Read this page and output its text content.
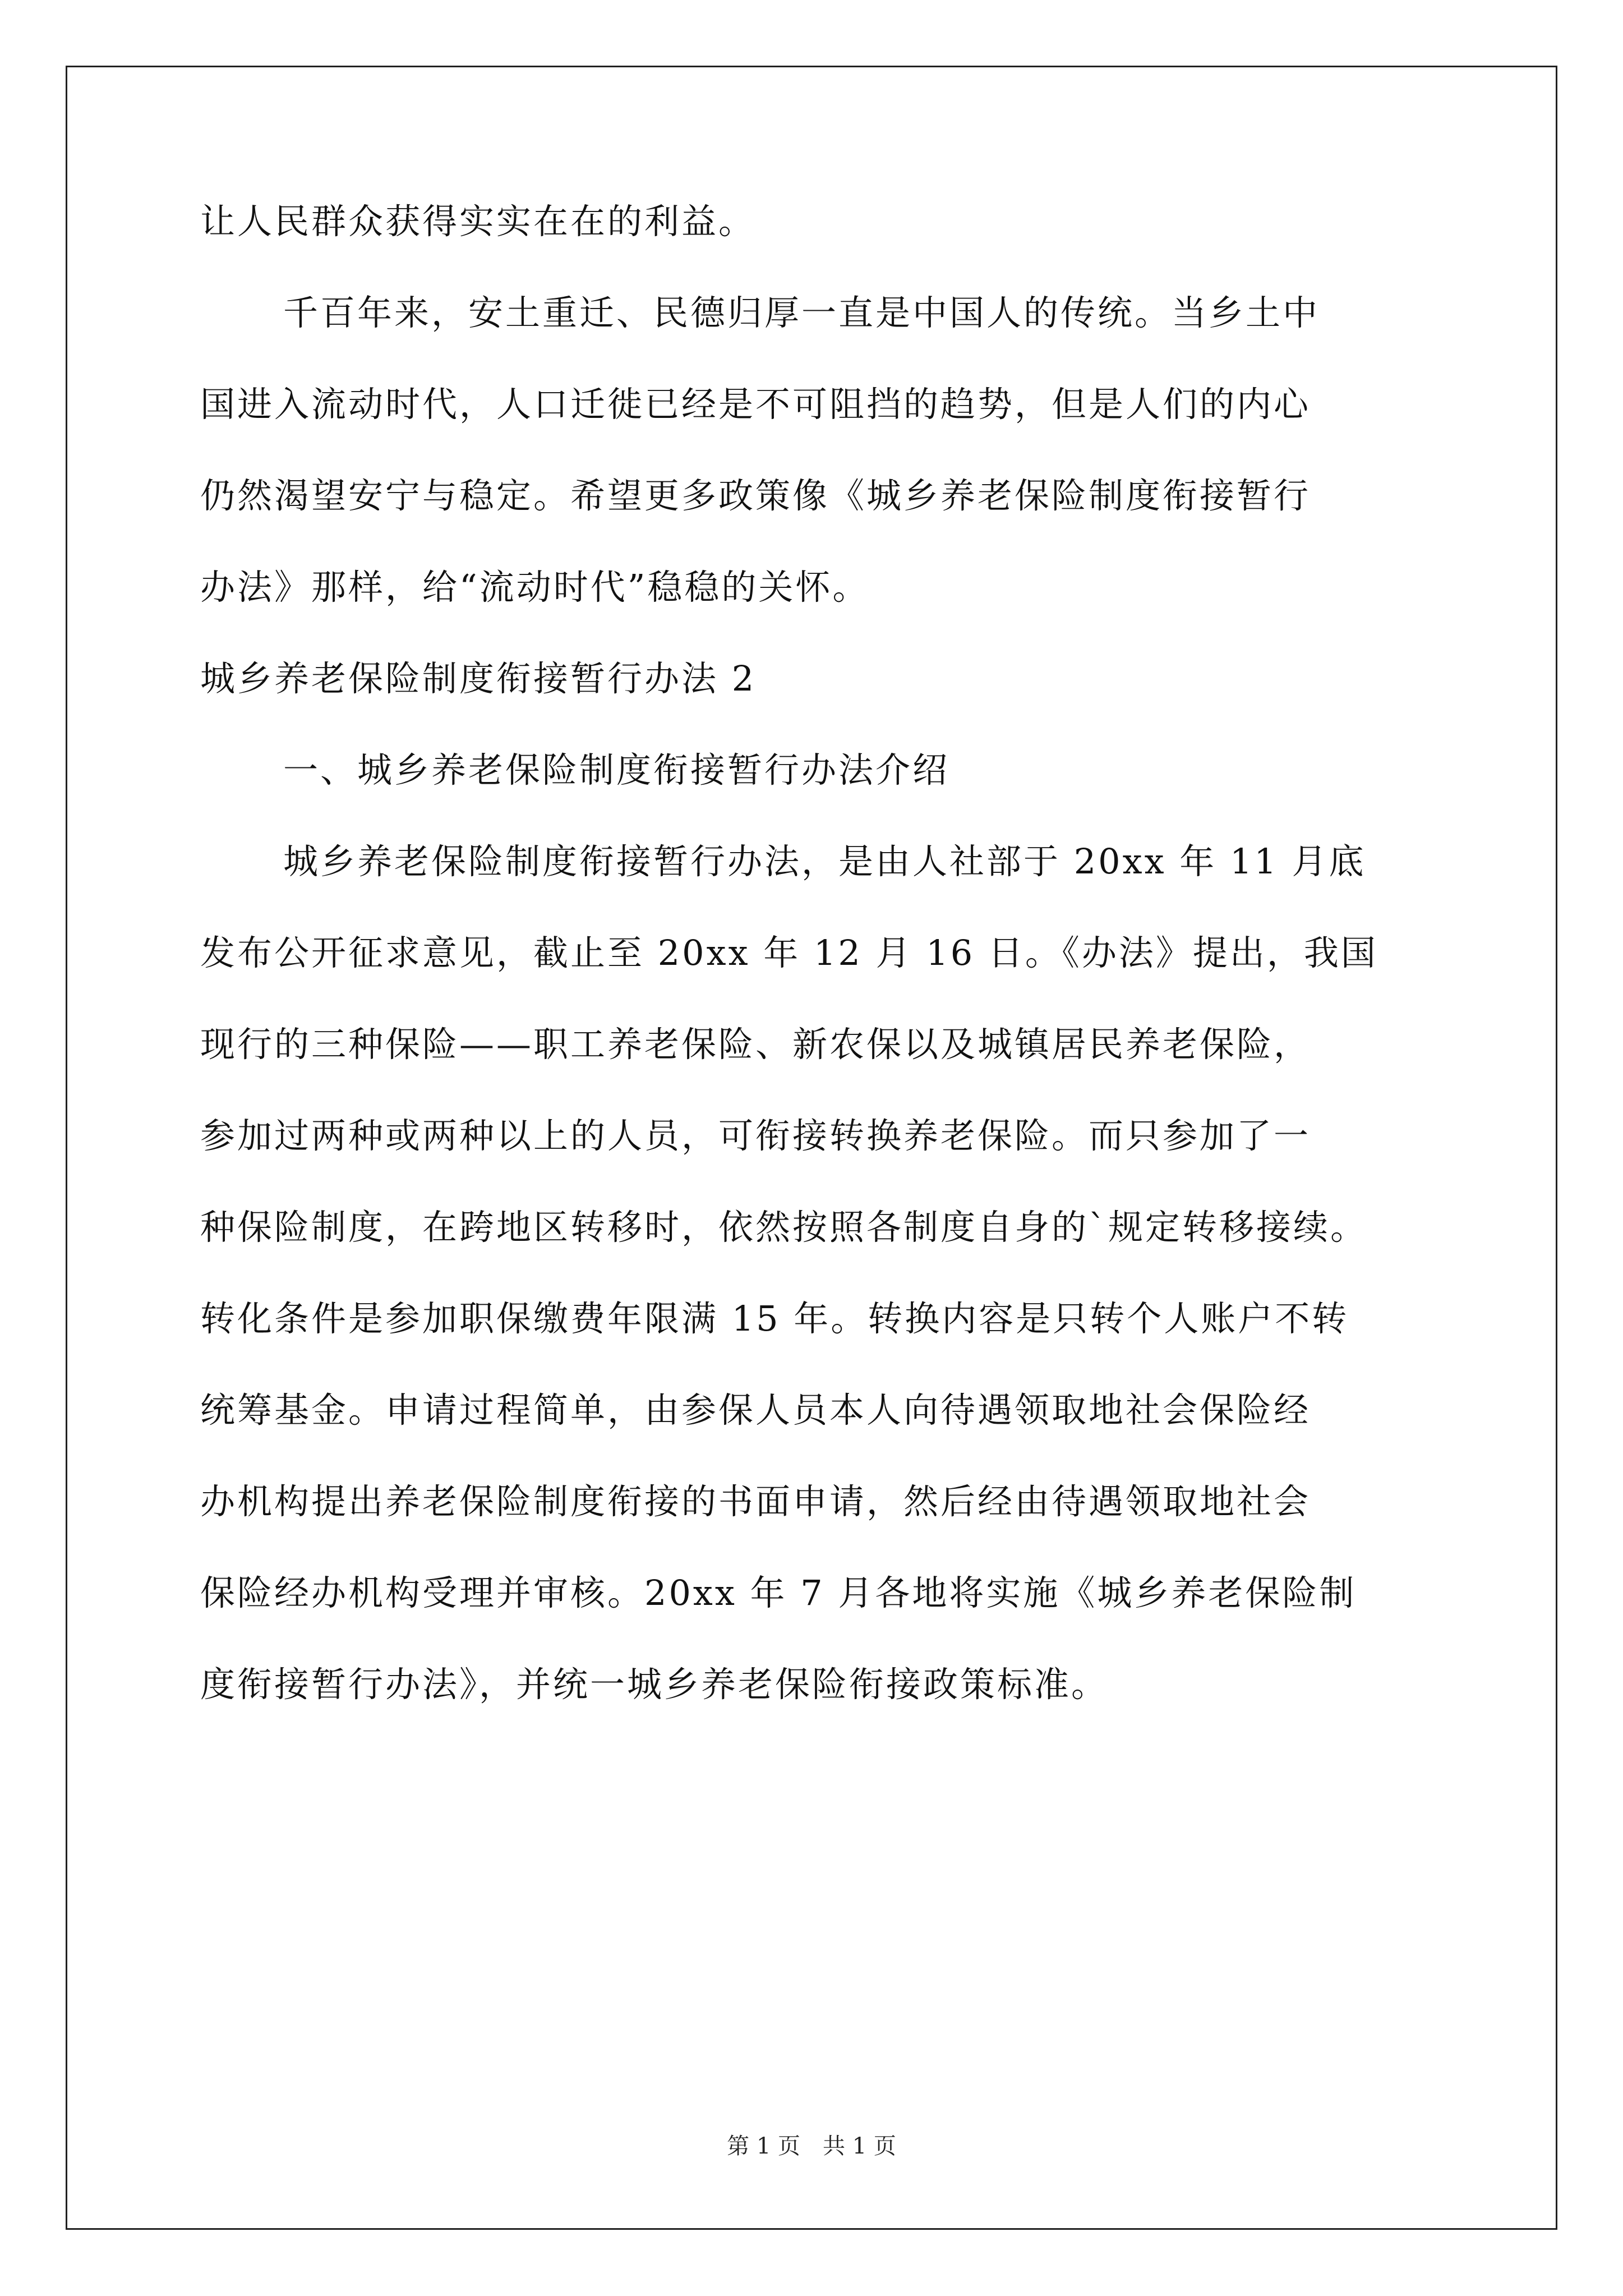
让人民群众获得实实在在的利益。
千百年来，安土重迁、民德归厚一直是中国人的传统。当乡土中
国进入流动时代，人口迁徙已经是不可阻挡的趋势，但是人们的内心
仍然渴望安宁与稳定。希望更多政策像《城乡养老保险制度衔接暂行
办法》那样，给“流动时代”稳稳的关怀。
城乡养老保险制度衔接暂行办法 2
一、城乡养老保险制度衔接暂行办法介绍
城乡养老保险制度衔接暂行办法，是由人社部于 20xx 年 11 月底
发布公开征求意见，截止至 20xx 年 12 月 16 日。《办法》提出，我国
现行的三种保险——职工养老保险、新农保以及城镇居民养老保险，
参加过两种或两种以上的人员，可衔接转换养老保险。而只参加了一
种保险制度，在跨地区转移时，依然按照各制度自身的`规定转移接续。
转化条件是参加职保缴费年限满 15 年。转换内容是只转个人账户不转
统筹基金。申请过程简单，由参保人员本人向待遇领取地社会保险经
办机构提出养老保险制度衔接的书面申请，然后经由待遇领取地社会
保险经办机构受理并审核。20xx 年 7 月各地将实施《城乡养老保险制
度衔接暂行办法》，并统一城乡养老保险衔接政策标准。
第 1 页　共 1 页
